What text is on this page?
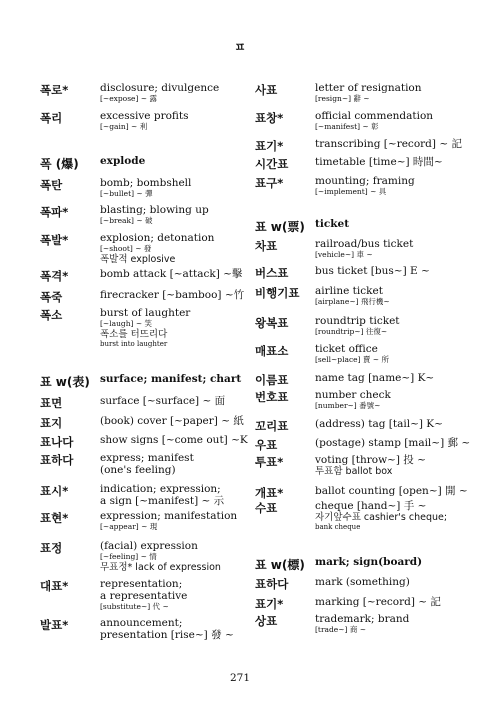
ㅍ
폭로*	disclosure; divulgence
[~expose] ~ 露
폭리	excessive profits
[~gain] ~ 利
폭 (爆) explode
폭탄	bomb; bombshell
[~bullet] ~ 彈
폭파*	blasting; blowing up
[~break] ~ 破
폭발*	explosion; detonation
[~shoot] ~ 發
폭발적 explosive
폭격*	bomb attack [~attack] ~擊
폭죽	firecracker [~bamboo] ~竹
폭소	burst of laughter
[~laugh] ~ 笑
폭소를 터뜨리다
burst into laughter
표 w(表) surface; manifest; chart
표면	surface [~surface] ~ 面
표지	(book) cover [~paper] ~ 紙
표나다	show signs [~come out] ~K
표하다	express; manifest
(one's feeling)
표시*	indication; expression;
a sign [~manifest] ~ 示
표현*	expression; manifestation
[~appear] ~ 現
표정	(facial) expression
[~feeling] ~ 情
무표정* lack of expression
대표*	representation;
a representative
[substitute~] 代 ~
발표*	announcement;
presentation [rise~] 發 ~
사표	letter of resignation
[resign~] 辭 ~
표창*	official commendation
[~manifest] ~ 彰
표기*	transcribing [~record] ~ 記
시간표	timetable [time~] 時間~
표구*	mounting; framing
[~implement] ~ 具
표 w(票) ticket
차표	railroad/bus ticket
[vehicle~] 車 ~
버스표	bus ticket [bus~] E ~
비행기표 airline ticket
[airplane~] 飛行機~
왕복표	roundtrip ticket
[roundtrip~] 往復~
매표소	ticket office
[sell~place] 賣 ~ 所
이름표	name tag [name~] K~
번호표	number check
[number~] 番號~
꼬리표	(address) tag [tail~] K~
우표	(postage) stamp [mail~] 郵 ~
투표*	voting [throw~] 投 ~
투표함 ballot box
개표*	ballot counting [open~] 開 ~
수표	cheque [hand~] 手 ~
자기앞수표 cashier's cheque;
bank cheque
표 w(標) mark; sign(board)
표하다	mark (something)
표기*	marking [~record] ~ 記
상표	trademark; brand
[trade~] 商 ~
271
